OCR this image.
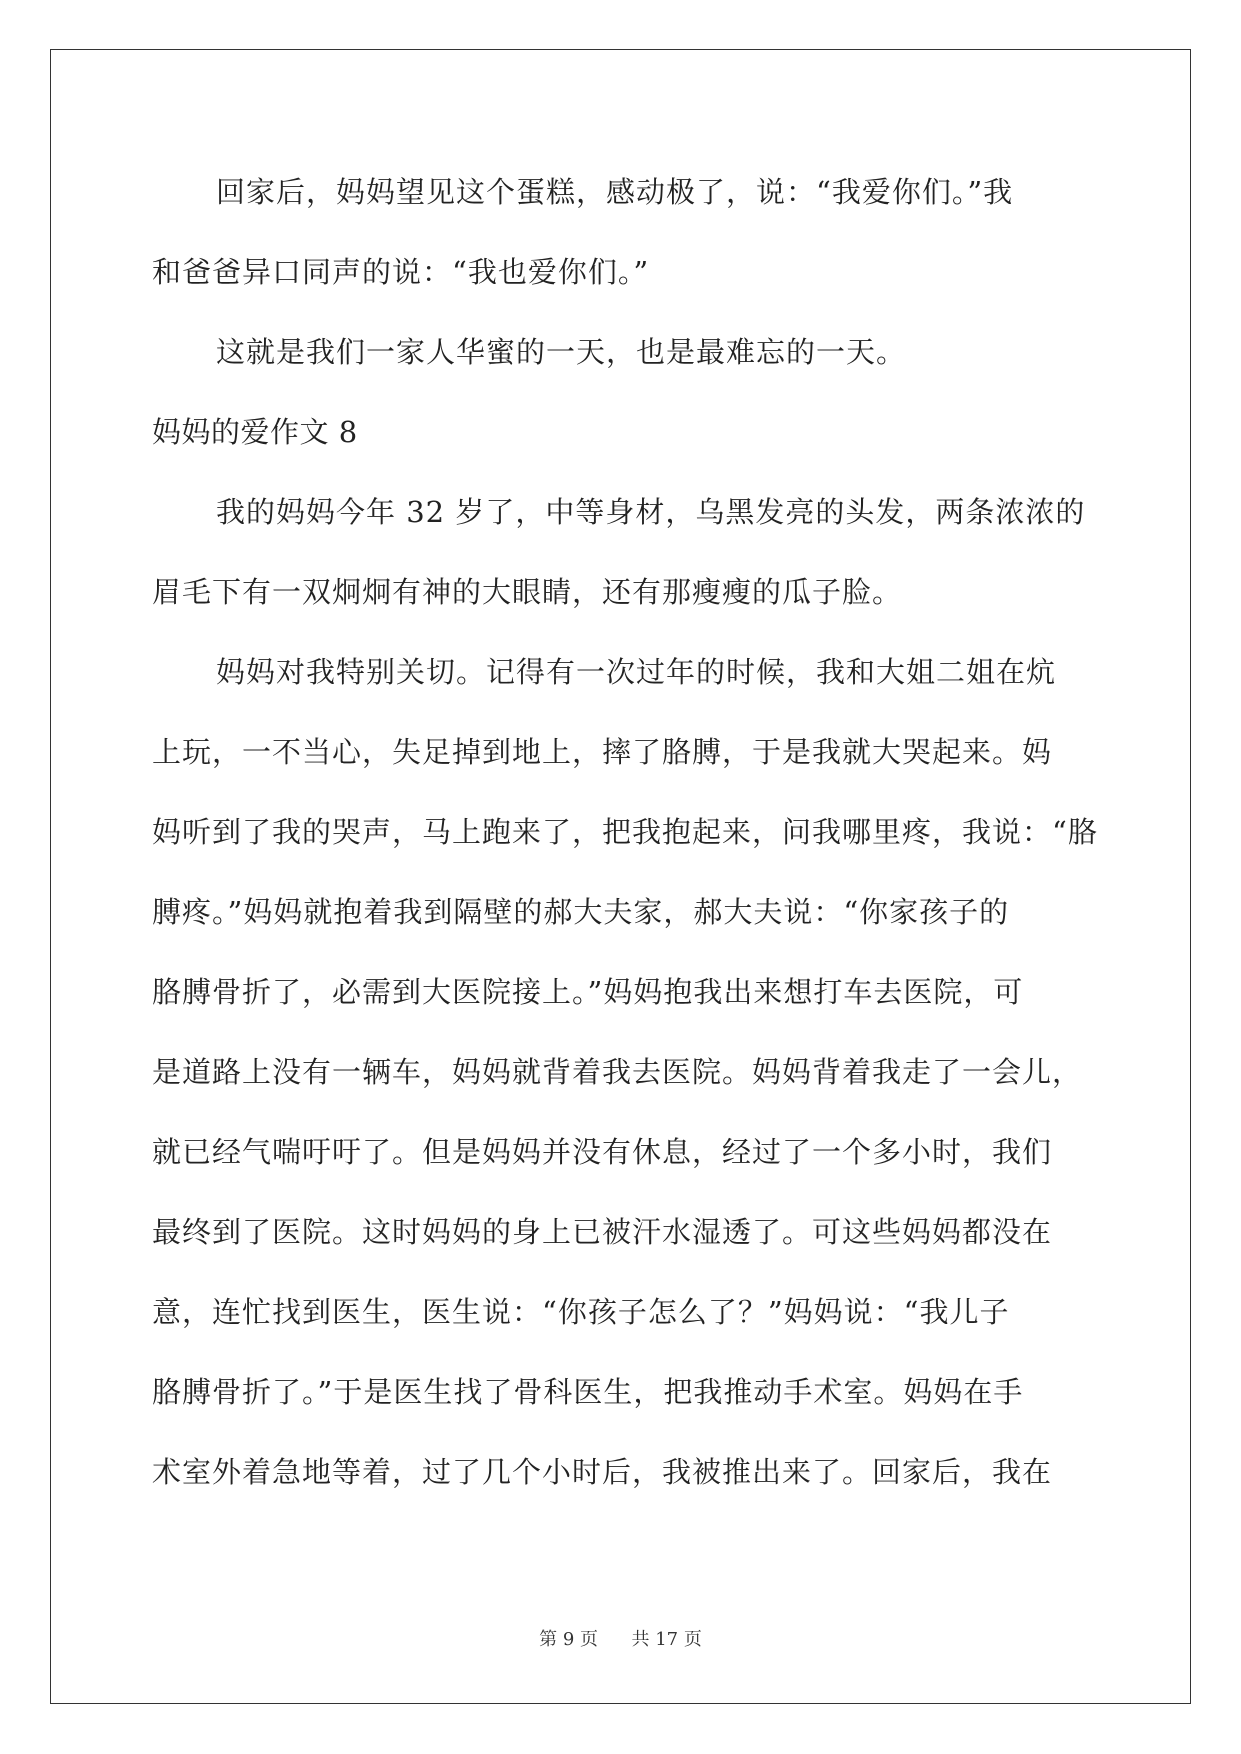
回家后，妈妈望见这个蛋糕，感动极了，说：“我爱你们。”我
和爸爸异口同声的说：“我也爱你们。”
这就是我们一家人华蜜的一天，也是最难忘的一天。
妈妈的爱作文 8
我的妈妈今年 32 岁了，中等身材，乌黑发亮的头发，两条浓浓的
眉毛下有一双炯炯有神的大眼睛，还有那瘦瘦的瓜子脸。
妈妈对我特别关切。记得有一次过年的时候，我和大姐二姐在炕
上玩，一不当心，失足掉到地上，摔了胳膊，于是我就大哭起来。妈
妈听到了我的哭声，马上跑来了，把我抱起来，问我哪里疼，我说：“胳
膊疼。”妈妈就抱着我到隔壁的郝大夫家，郝大夫说：“你家孩子的
胳膊骨折了，必需到大医院接上。”妈妈抱我出来想打车去医院，可
是道路上没有一辆车，妈妈就背着我去医院。妈妈背着我走了一会儿，
就已经气喘吁吁了。但是妈妈并没有休息，经过了一个多小时，我们
最终到了医院。这时妈妈的身上已被汗水湿透了。可这些妈妈都没在
意，连忙找到医生，医生说：“你孩子怎么了？”妈妈说：“我儿子
胳膊骨折了。”于是医生找了骨科医生，把我推动手术室。妈妈在手
术室外着急地等着，过了几个小时后，我被推出来了。回家后，我在
第 9 页 共 17 页
